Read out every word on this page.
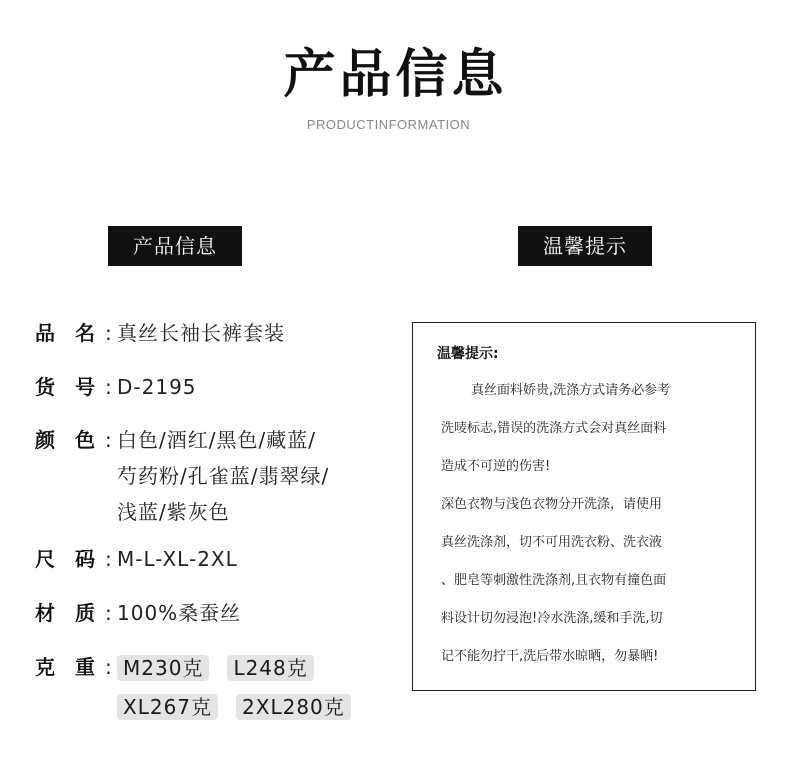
产品信息
PRODUCTINFORMATION
产品信息	温馨提示
品 名 : 真丝长袖长裤套装
货 号 : D-2195
颜 色 : 白色/酒红/黑色/藏蓝/
芍药粉/孔雀蓝/翡翠绿/
浅蓝/紫灰色
尺 码 : M-L-XL-2XL
材 质 : 100%桑蚕丝
克 重 : M230克 L248克
XL267克 2XL280克
温馨提示:
真丝面料娇贵,洗涤方式请务必参考
洗唛标志,错误的洗涤方式会对真丝面料
造成不可逆的伤害!
深色衣物与浅色衣物分开洗涤，请使用
真丝洗涤剂，切不可用洗衣粉、洗衣液
、肥皂等刺激性洗涤剂,且衣物有撞色面
料设计切勿浸泡!冷水洗涤,缓和手洗,切
记不能勿拧干,洗后带水晾晒，勿暴晒!
